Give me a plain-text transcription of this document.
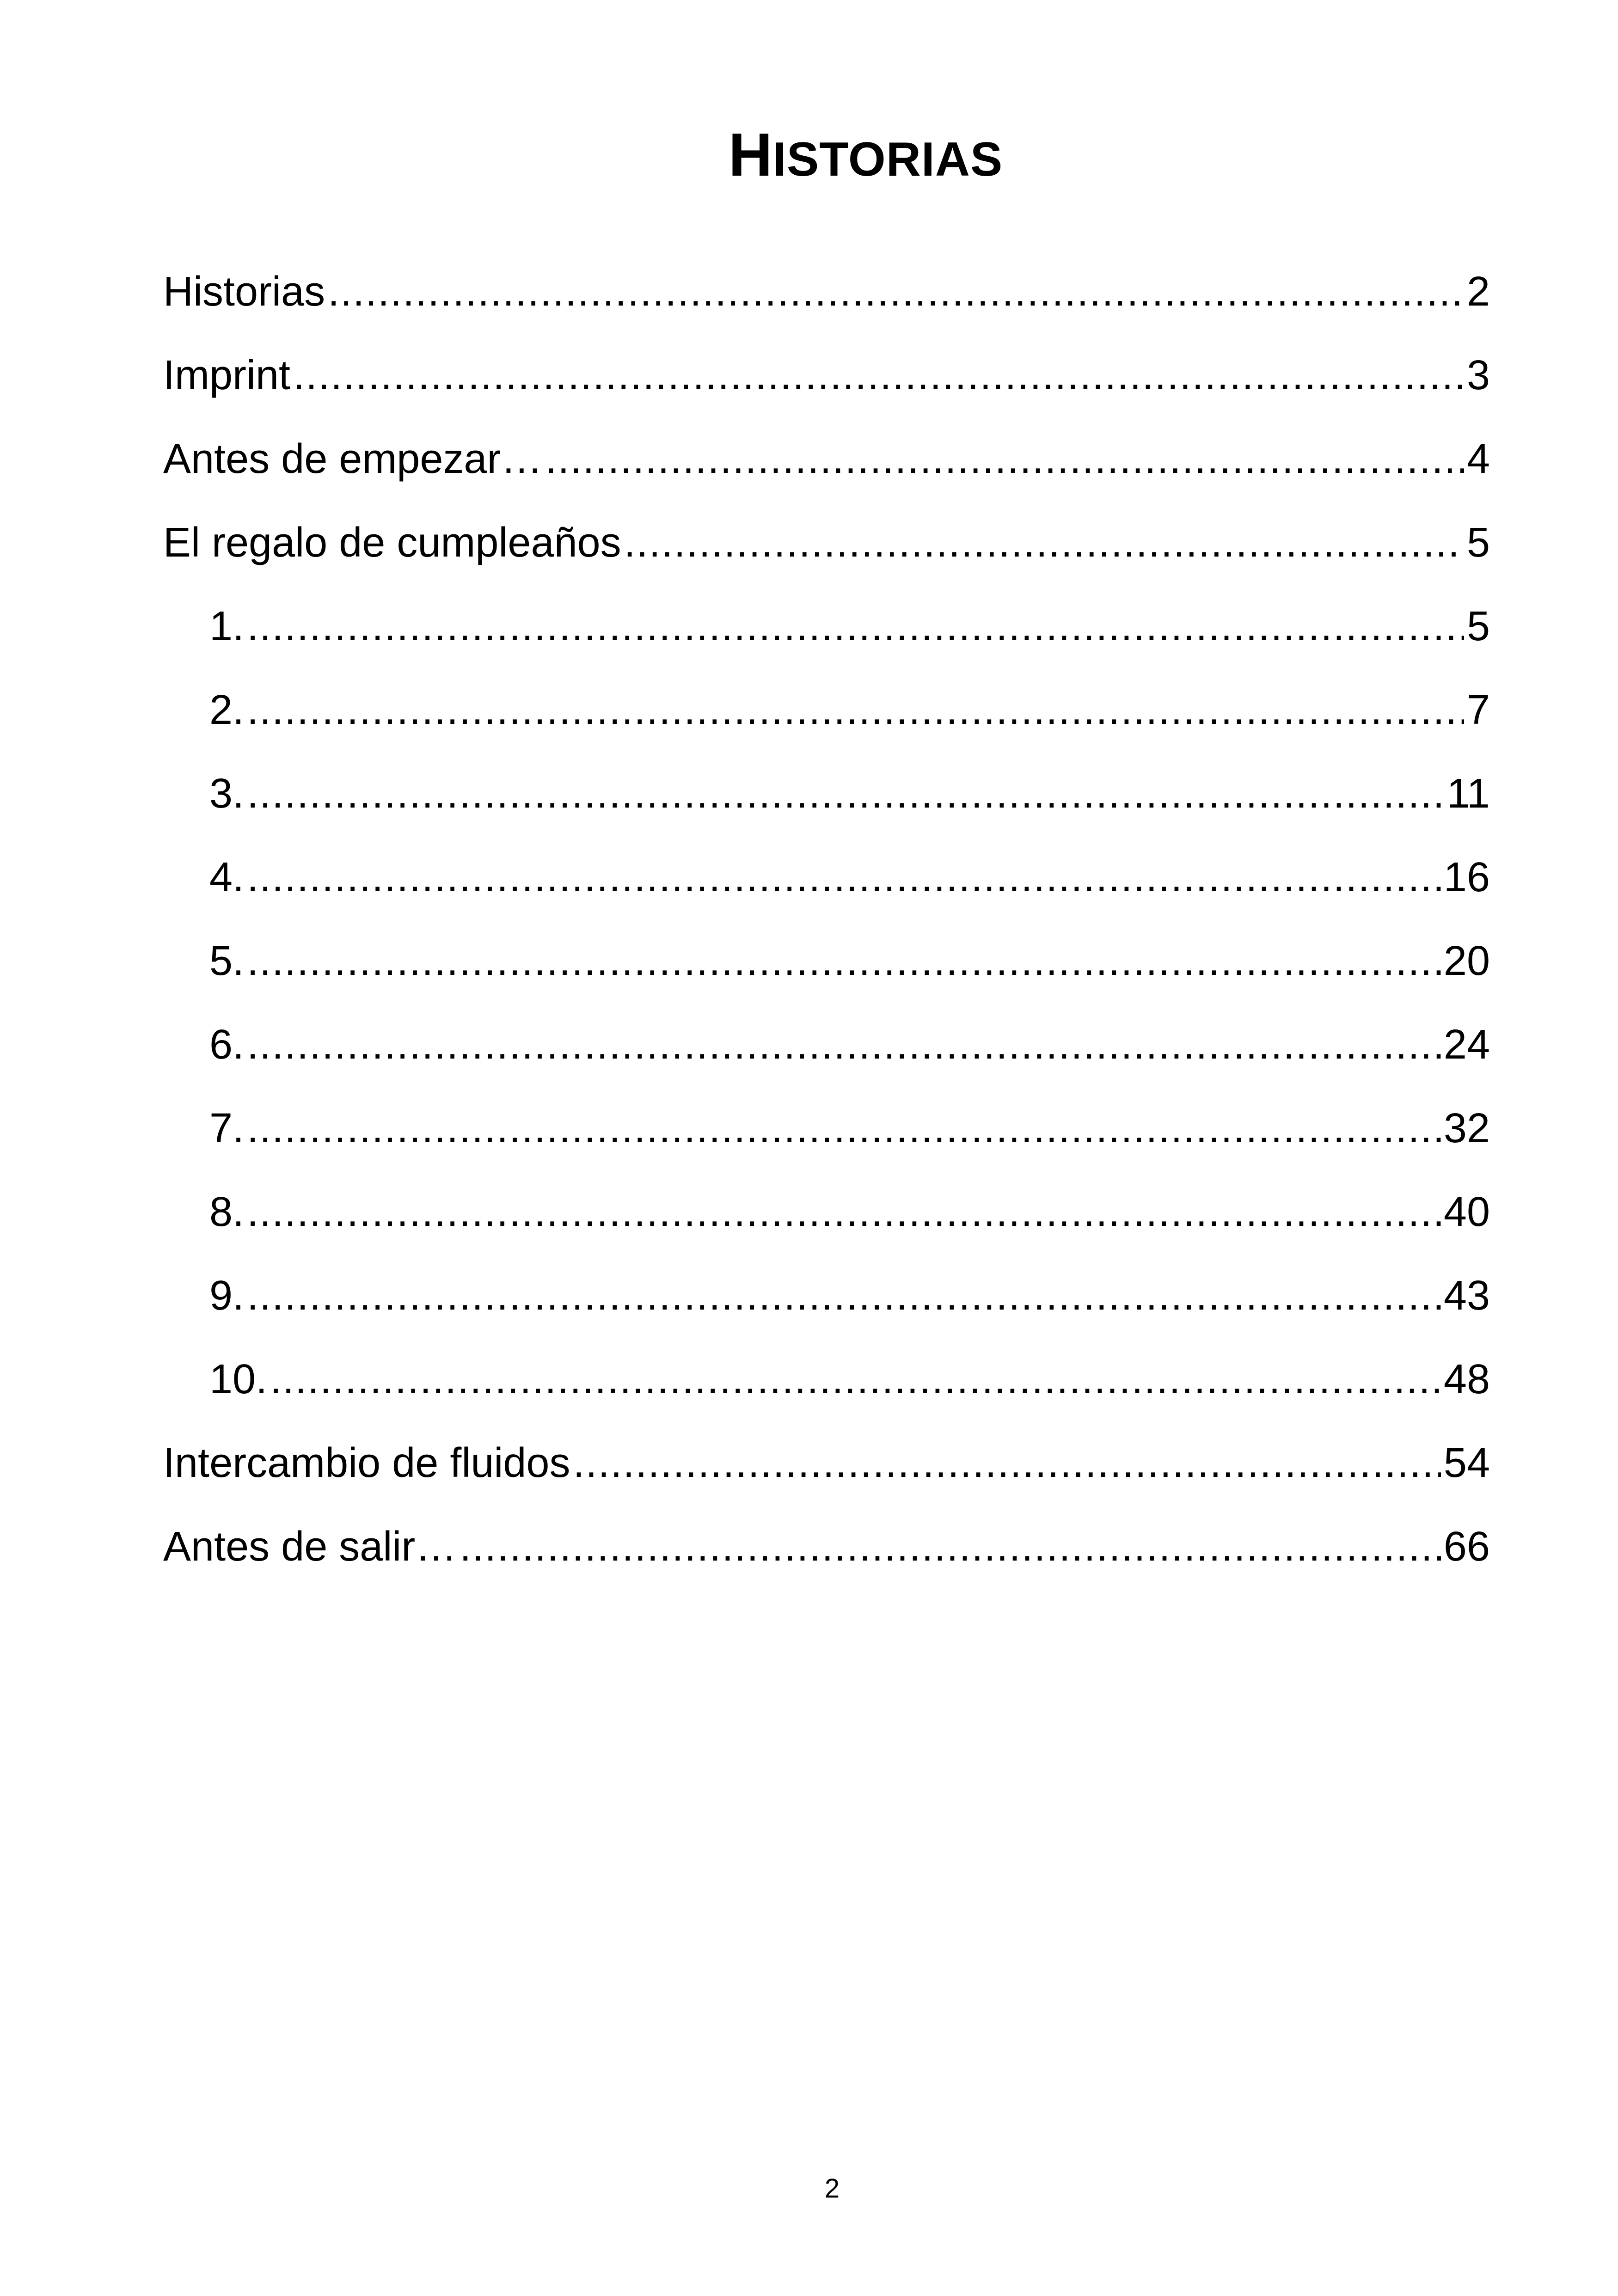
HISTORIAS
Historias .....	2
Imprint .....	3
Antes de empezar… .....	4
El regalo de cumpleaños .....	5
1. .....	5
2. .....	7
3. .....	11
4. .....	16
5. .....	20
6. .....	24
7. .....	32
8. .....	40
9. .....	43
10. .....	48
Intercambio de fluidos .....	54
Antes de salir… .....	66
2
